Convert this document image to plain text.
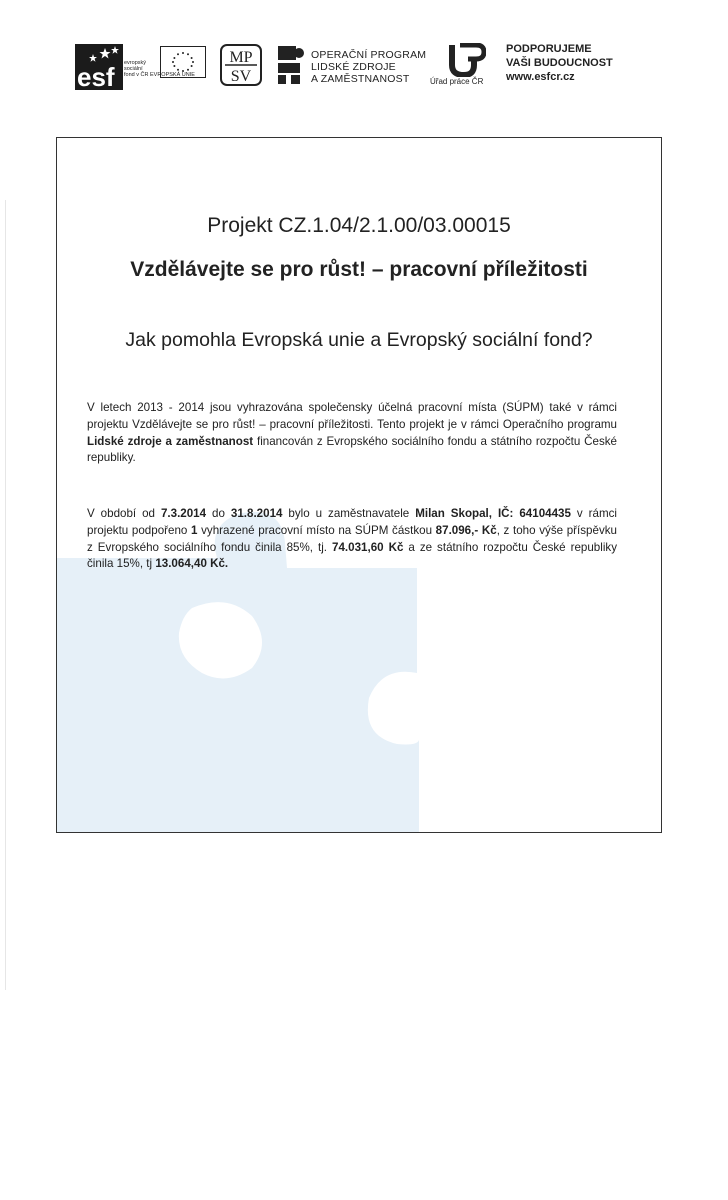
esf evropský
sociální
fond v ČR EVROPSKÁ UNIE
MP
SV
OPERAČNÍ PROGRAM
LIDSKÉ ZDROJE
A ZAMĚSTNANOST	Úřad práce ČR
PODPORUJEME
VAŠI BUDOUCNOST
www.esfcr.cz
Projekt CZ.1.04/2.1.00/03.00015
Vzdělávejte se pro růst! – pracovní příležitosti
Jak pomohla Evropská unie a Evropský sociální fond?
V letech 2013 - 2014 jsou vyhrazována společensky účelná pracovní místa (SÚPM) také v rámci projektu Vzdělávejte se pro růst! – pracovní příležitosti. Tento projekt je v rámci Operačního programu Lidské zdroje a zaměstnanost financován z Evropského sociálního fondu a státního rozpočtu České republiky.
V období od 7.3.2014 do 31.8.2014 bylo u zaměstnavatele Milan Skopal, IČ: 64104435 v rámci projektu podpořeno 1 vyhrazené pracovní místo na SÚPM částkou 87.096,- Kč, z toho výše příspěvku z Evropského sociálního fondu činila 85%, tj. 74.031,60 Kč a ze státního rozpočtu České republiky činila 15%, tj 13.064,40 Kč.
